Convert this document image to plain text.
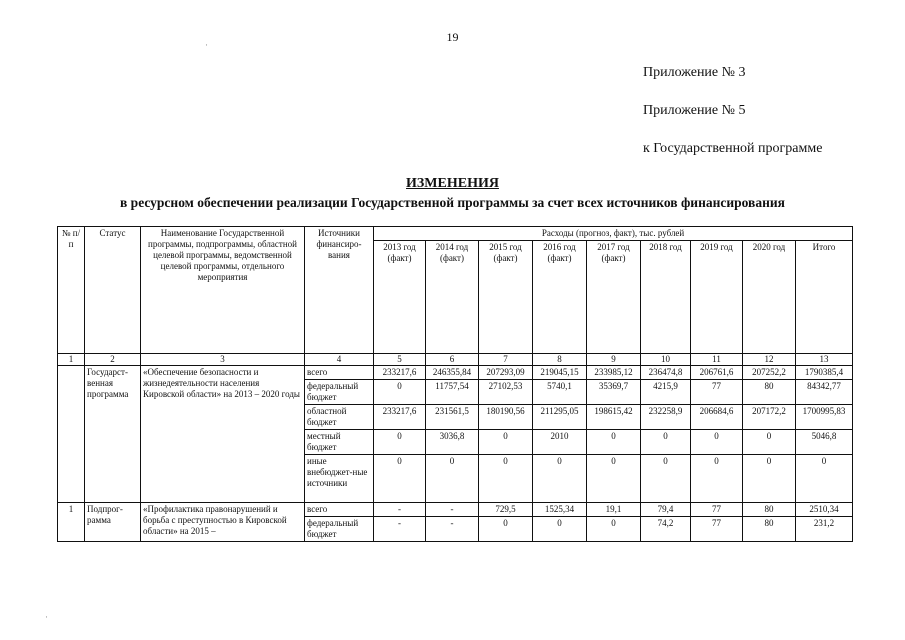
19
Приложение № 3
Приложение № 5
к Государственной программе
ИЗМЕНЕНИЯ
в ресурсном обеспечении реализации Государственной программы за счет всех источников финансирования
№ п/п	Статус	Наименование Государственной программы, подпрограммы, областной целевой программы, ведомственной целевой программы, отдельного мероприятия	Источники финансиро-вания	Расходы (прогноз, факт), тыс. рублей								
				2013 год (факт)	2014 год (факт)	2015 год (факт)	2016 год (факт)	2017 год (факт)	2018 год	2019 год	2020 год	Итого
1	2	3	4	5	6	7	8	9	10	11	12	13
	Государст-венная программа	«Обеспечение безопасности и жизнедеятельности населения Кировской области» на 2013 – 2020 годы	всего	233217,6	246355,84	207293,09	219045,15	233985,12	236474,8	206761,6	207252,2	1790385,4
			федеральный бюджет	0	11757,54	27102,53	5740,1	35369,7	4215,9	77	80	84342,77
			областной бюджет	233217,6	231561,5	180190,56	211295,05	198615,42	232258,9	206684,6	207172,2	1700995,83
			местный бюджет	0	3036,8	0	2010	0	0	0	0	5046,8
			иные внебюджет-ные источники	0	0	0	0	0	0	0	0	0
1	Подпрог-рамма	«Профилактика правонарушений и борьба с преступностью в Кировской области» на 2015 –	всего	-	-	729,5	1525,34	19,1	79,4	77	80	2510,34
			федеральный бюджет	-	-	0	0	0	74,2	77	80	231,2
·
·
